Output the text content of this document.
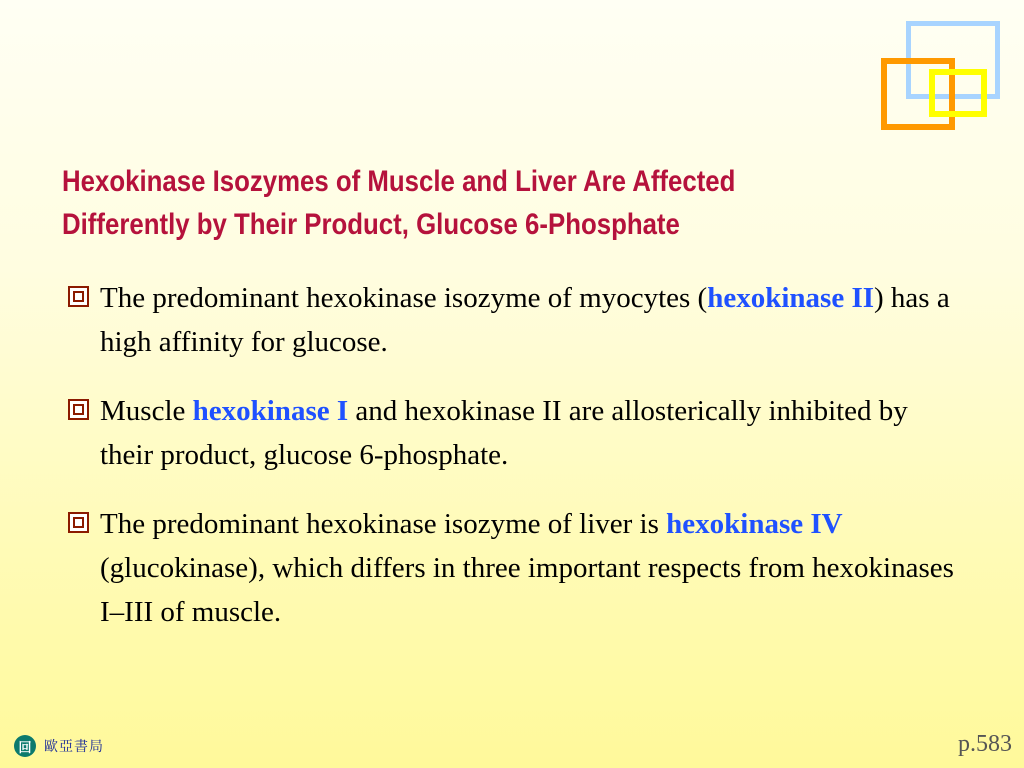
Hexokinase Isozymes of Muscle and Liver Are Affected
Differently by Their Product, Glucose 6-Phosphate
The predominant hexokinase isozyme of myocytes (hexokinase II) has a high affinity for glucose.
Muscle hexokinase I and hexokinase II are allosterically inhibited by their product, glucose 6-phosphate.
The predominant hexokinase isozyme of liver is hexokinase IV (glucokinase), which differs in three important respects from hexokinases I–III of muscle.
回 歐亞書局	p.583
